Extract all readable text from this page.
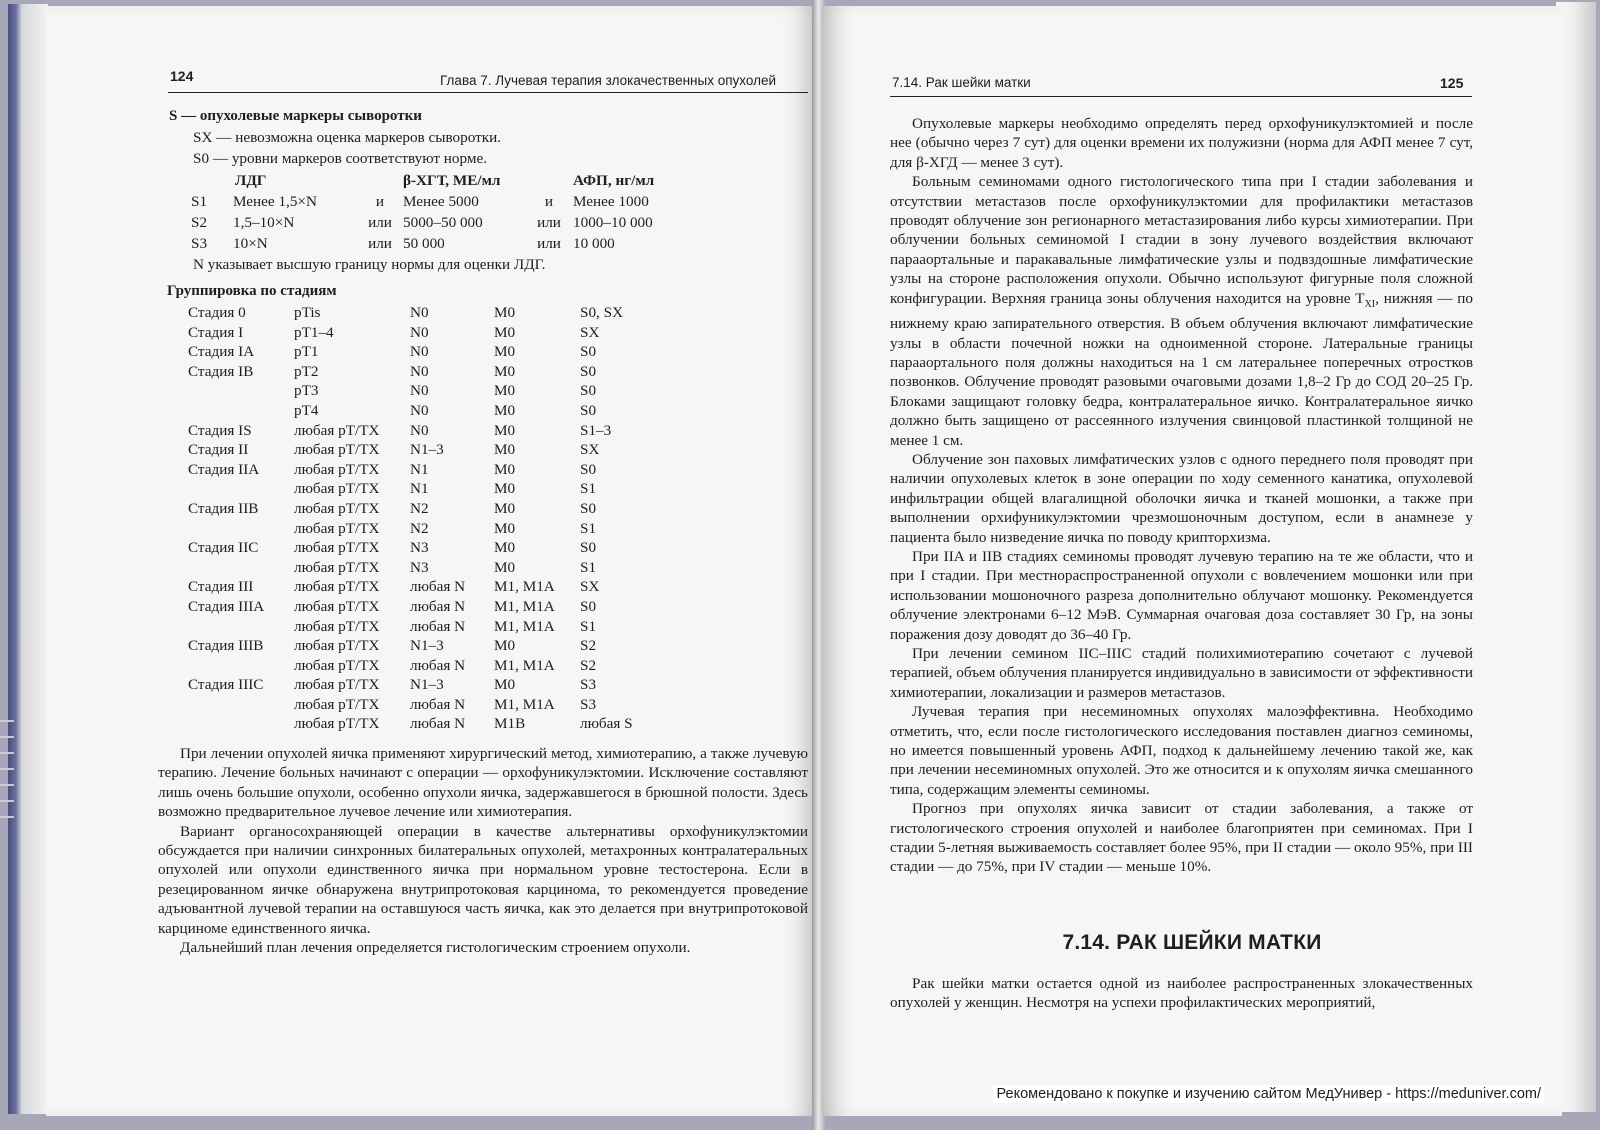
124	Глава 7. Лучевая терапия злокачественных опухолей
S — опухолевые маркеры сыворотки
SX — невозможна оценка маркеров сыворотки.
S0 — уровни маркеров соответствуют норме.
	ЛДГ		β-ХГТ, МЕ/мл		АФП, нг/мл
S1	Менее 1,5×N	и	Менее 5000	и	Менее 1000
S2	1,5–10×N	или	5000–50 000	или	1000–10 000
S3	10×N	или	50 000	или	10 000
N указывает высшую границу нормы для оценки ЛДГ.
Группировка по стадиям
Стадия 0	pTis	N0	M0	S0, SX
Стадия I	pT1–4	N0	M0	SX
Стадия IA	pT1	N0	M0	S0
Стадия IB	pT2	N0	M0	S0
	pT3	N0	M0	S0
	pT4	N0	M0	S0
Стадия IS	любая pT/TX	N0	M0	S1–3
Стадия II	любая pT/TX	N1–3	M0	SX
Стадия IIA	любая pT/TX	N1	M0	S0
	любая pT/TX	N1	M0	S1
Стадия IIB	любая pT/TX	N2	M0	S0
	любая pT/TX	N2	M0	S1
Стадия IIC	любая pT/TX	N3	M0	S0
	любая pT/TX	N3	M0	S1
Стадия III	любая pT/TX	любая N	M1, M1A	SX
Стадия IIIA	любая pT/TX	любая N	M1, M1A	S0
	любая pT/TX	любая N	M1, M1A	S1
Стадия IIIB	любая pT/TX	N1–3	M0	S2
	любая pT/TX	любая N	M1, M1A	S2
Стадия IIIC	любая pT/TX	N1–3	M0	S3
	любая pT/TX	любая N	M1, M1A	S3
	любая pT/TX	любая N	M1B	любая S

При лечении опухолей яичка применяют хирургический метод, химиотерапию, а также лучевую терапию. Лечение больных начинают с операции — орхофуникулэктомии. Исключение составляют лишь очень большие опухоли, особенно опухоли яичка, задержавшегося в брюшной полости. Здесь возможно предварительное лучевое лечение или химиотерапия.

Вариант органосохраняющей операции в качестве альтернативы орхофуникулэктомии обсуждается при наличии синхронных билатеральных опухолей, метахронных контралатеральных опухолей или опухоли единственного яичка при нормальном уровне тестостерона. Если в резецированном яичке обнаружена внутрипротоковая карцинома, то рекомендуется проведение адъювантной лучевой терапии на оставшуюся часть яичка, как это делается при внутрипротоковой карциноме единственного яичка.

Дальнейший план лечения определяется гистологическим строением опухоли.

7.14. Рак шейки матки	125

Опухолевые маркеры необходимо определять перед орхофуникулэктомией и после нее (обычно через 7 сут) для оценки времени их полужизни (норма для АФП менее 7 сут, для β-ХГД — менее 3 сут).

Больным семиномами одного гистологического типа при I стадии заболевания и отсутствии метастазов после орхофуникулэктомии для профилактики метастазов проводят облучение зон регионарного метастазирования либо курсы химиотерапии. При облучении больных семиномой I стадии в зону лучевого воздействия включают парааортальные и паракавальные лимфатические узлы и подвздошные лимфатические узлы на стороне расположения опухоли. Обычно используют фигурные поля сложной конфигурации. Верхняя граница зоны облучения находится на уровне $T_{XI}$, нижняя — по нижнему краю запирательного отверстия. В объем облучения включают лимфатические узлы в области почечной ножки на одноименной стороне. Латеральные границы парааортального поля должны находиться на 1 см латеральнее поперечных отростков позвонков. Облучение проводят разовыми очаговыми дозами 1,8–2 Гр до СОД 20–25 Гр. Блоками защищают головку бедра, контралатеральное яичко. Контралатеральное яичко должно быть защищено от рассеянного излучения свинцовой пластинкой толщиной не менее 1 см.

Облучение зон паховых лимфатических узлов с одного переднего поля проводят при наличии опухолевых клеток в зоне операции по ходу семенного канатика, опухолевой инфильтрации общей влагалищной оболочки яичка и тканей мошонки, а также при выполнении орхифуникулэктомии чрезмошоночным доступом, если в анамнезе у пациента было низведение яичка по поводу крипторхизма.

При IIA и IIB стадиях семиномы проводят лучевую терапию на те же области, что и при I стадии. При местнораспространенной опухоли с вовлечением мошонки или при использовании мошоночного разреза дополнительно облучают мошонку. Рекомендуется облучение электронами 6–12 МэВ. Суммарная очаговая доза составляет 30 Гр, на зоны поражения дозу доводят до 36–40 Гр.

При лечении семином IIC–IIIC стадий полихимиотерапию сочетают с лучевой терапией, объем облучения планируется индивидуально в зависимости от эффективности химиотерапии, локализации и размеров метастазов.

Лучевая терапия при несеминомных опухолях малоэффективна. Необходимо отметить, что, если после гистологического исследования поставлен диагноз семиномы, но имеется повышенный уровень АФП, подход к дальнейшему лечению такой же, как при лечении несеминомных опухолей. Это же относится и к опухолям яичка смешанного типа, содержащим элементы семиномы.

Прогноз при опухолях яичка зависит от стадии заболевания, а также от гистологического строения опухолей и наиболее благоприятен при семиномах. При I стадии 5-летняя выживаемость составляет более 95%, при II стадии — около 95%, при III стадии — до 75%, при IV стадии — меньше 10%.

7.14. РАК ШЕЙКИ МАТКИ

Рак шейки матки остается одной из наиболее распространенных злокачественных опухолей у женщин. Несмотря на успехи профилактических мероприятий,

Рекомендовано к покупке и изучению сайтом МедУнивер - https://meduniver.com/
